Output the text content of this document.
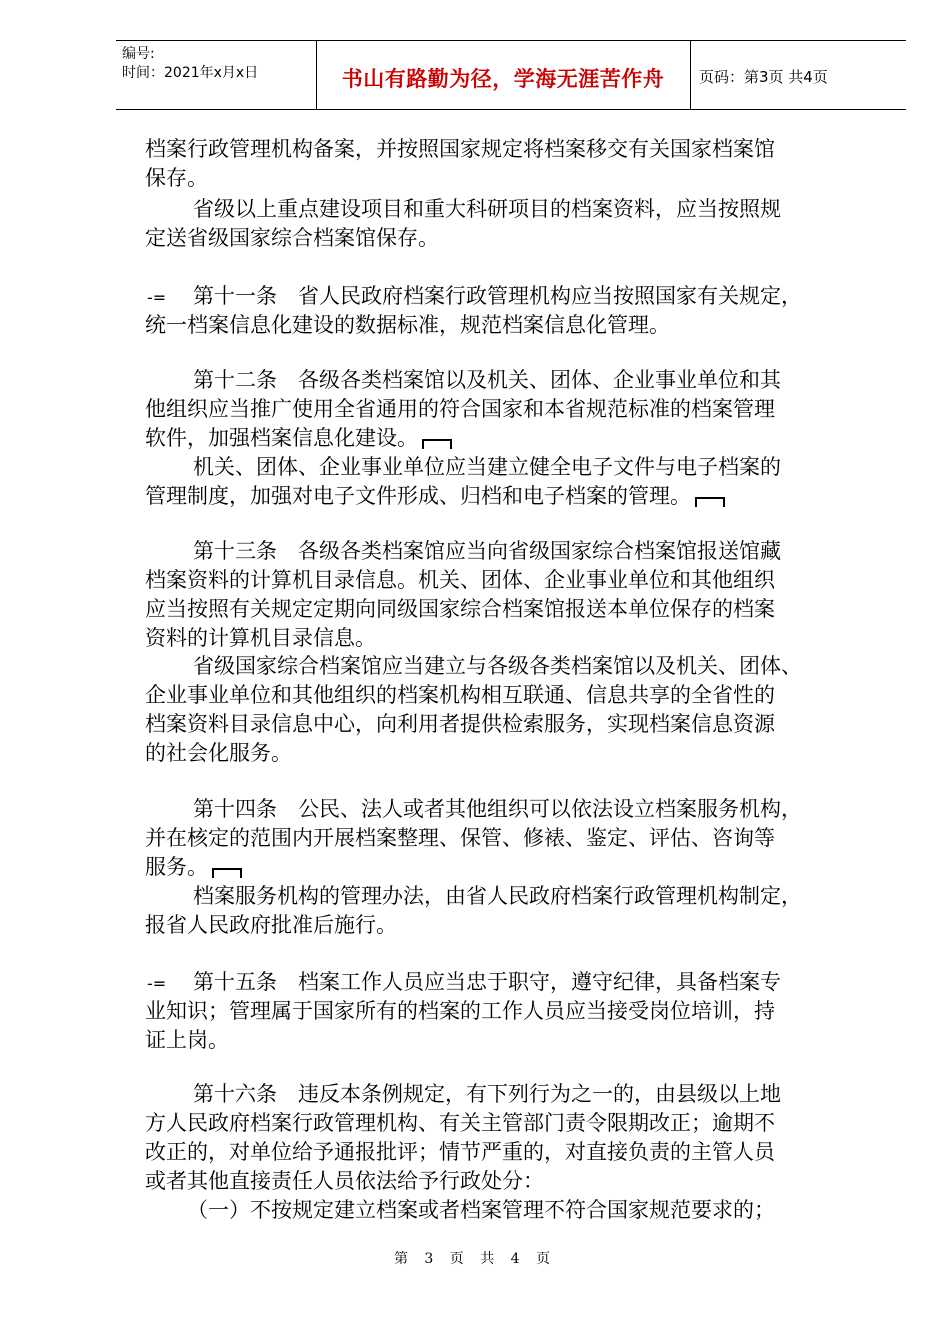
编号:
时间：2021年x月x日	书山有路勤为径，学海无涯苦作舟	页码：第3页 共4页
档案行政管理机构备案，并按照国家规定将档案移交有关国家档案馆
保存。
省级以上重点建设项目和重大科研项目的档案资料，应当按照规
定送省级国家综合档案馆保存。
-=	第十一条　省人民政府档案行政管理机构应当按照国家有关规定，
统一档案信息化建设的数据标准，规范档案信息化管理。
第十二条　各级各类档案馆以及机关、团体、企业事业单位和其
他组织应当推广使用全省通用的符合国家和本省规范标准的档案管理
软件，加强档案信息化建设。
机关、团体、企业事业单位应当建立健全电子文件与电子档案的
管理制度，加强对电子文件形成、归档和电子档案的管理。
第十三条　各级各类档案馆应当向省级国家综合档案馆报送馆藏
档案资料的计算机目录信息。机关、团体、企业事业单位和其他组织
应当按照有关规定定期向同级国家综合档案馆报送本单位保存的档案
资料的计算机目录信息。
省级国家综合档案馆应当建立与各级各类档案馆以及机关、团体、
企业事业单位和其他组织的档案机构相互联通、信息共享的全省性的
档案资料目录信息中心，向利用者提供检索服务，实现档案信息资源
的社会化服务。
第十四条　公民、法人或者其他组织可以依法设立档案服务机构，
并在核定的范围内开展档案整理、保管、修裱、鉴定、评估、咨询等
服务。
档案服务机构的管理办法，由省人民政府档案行政管理机构制定，
报省人民政府批准后施行。
-=	第十五条　档案工作人员应当忠于职守，遵守纪律，具备档案专
业知识；管理属于国家所有的档案的工作人员应当接受岗位培训，持
证上岗。
第十六条　违反本条例规定，有下列行为之一的，由县级以上地
方人民政府档案行政管理机构、有关主管部门责令限期改正；逾期不
改正的，对单位给予通报批评；情节严重的，对直接负责的主管人员
或者其他直接责任人员依法给予行政处分：
（一）不按规定建立档案或者档案管理不符合国家规范要求的；
第 3 页 共 4 页
